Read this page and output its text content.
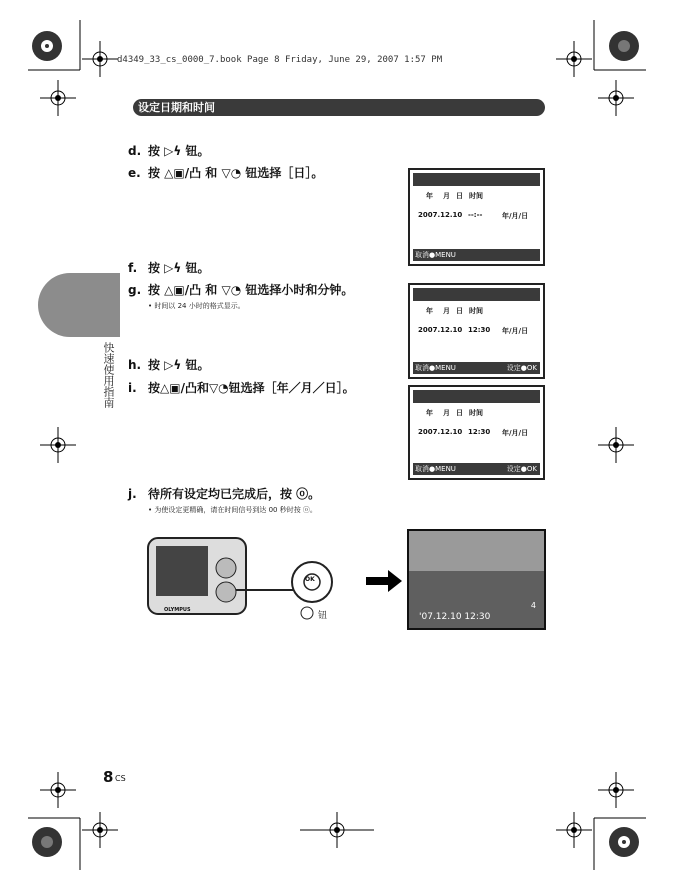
d4349_33_cs_0000_7.book Page 8 Friday, June 29, 2007 1:57 PM
设定日期和时间
快速使用指南
d. 按 ▷ϟ 钮。
e. 按 △▣/凸 和 ▽◔ 钮选择［日］。
f. 按 ▷ϟ 钮。
g. 按 △▣/凸 和 ▽◔ 钮选择小时和分钟。
• 时间以 24 小时的格式显示。
h. 按 ▷ϟ 钮。
i. 按△▣/凸和▽◔钮选择［年／月／日］。
j. 待所有设定均已完成后，按 ⓞ。
• 为使设定更精确，请在时间信号到达 00 秒时按 ⓞ。
年 月 日 时间
2007.12.10 --:--	年/月/日
取消●MENU
年 月 日 时间
2007.12.10 12:30 年/月/日
取消●MENU	设定●OK
年 月 日 时间
2007.12.10 12:30 年/月/日
取消●MENU	设定●OK
OLYMPUS
OK
钮	'07.12.10 12:30
4
8 CS
